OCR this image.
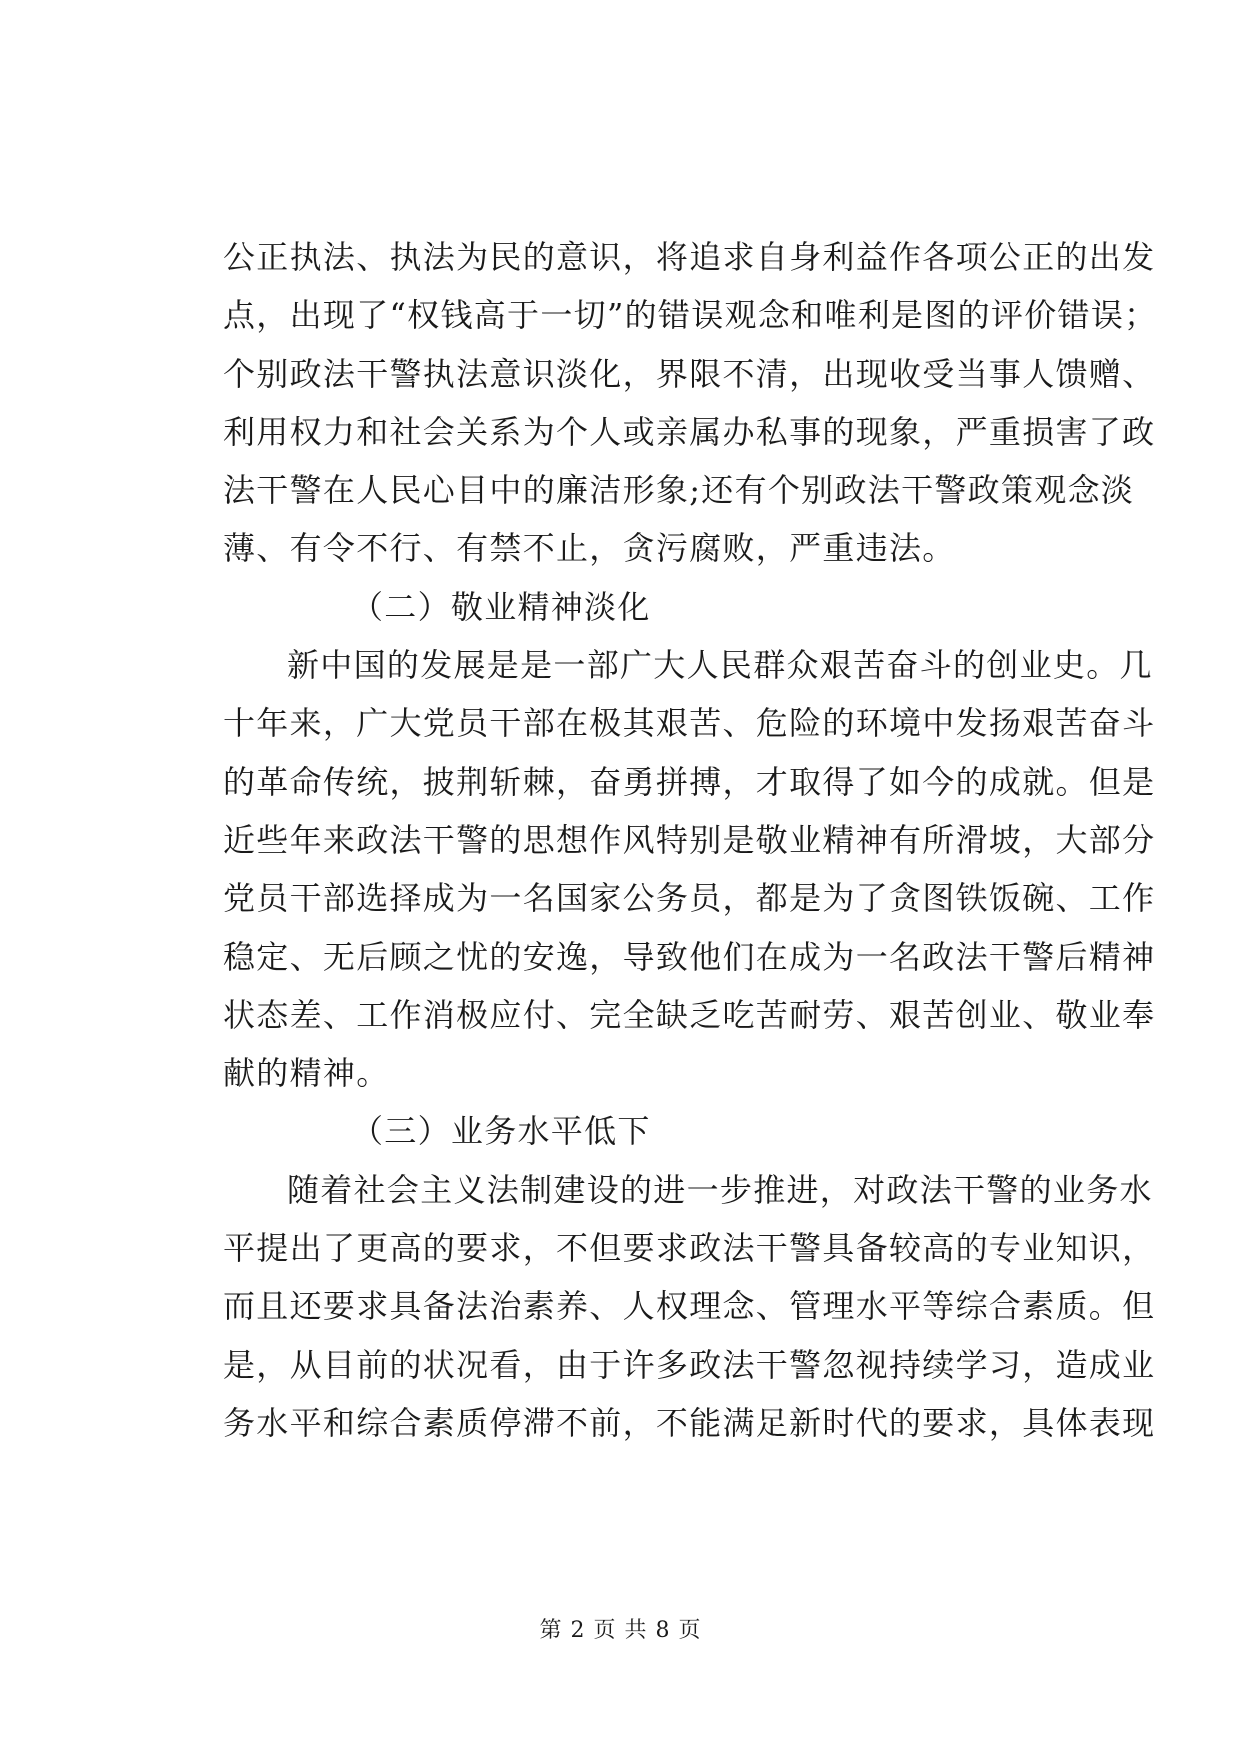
公正执法、执法为民的意识，将追求自身利益作各项公正的出发
点，出现了“权钱高于一切”的错误观念和唯利是图的评价错误；
个别政法干警执法意识淡化，界限不清，出现收受当事人馈赠、
利用权力和社会关系为个人或亲属办私事的现象，严重损害了政
法干警在人民心目中的廉洁形象;还有个别政法干警政策观念淡
薄、有令不行、有禁不止，贪污腐败，严重违法。
（二）敬业精神淡化
新中国的发展是是一部广大人民群众艰苦奋斗的创业史。几
十年来，广大党员干部在极其艰苦、危险的环境中发扬艰苦奋斗
的革命传统，披荆斩棘，奋勇拼搏，才取得了如今的成就。但是
近些年来政法干警的思想作风特别是敬业精神有所滑坡，大部分
党员干部选择成为一名国家公务员，都是为了贪图铁饭碗、工作
稳定、无后顾之忧的安逸，导致他们在成为一名政法干警后精神
状态差、工作消极应付、完全缺乏吃苦耐劳、艰苦创业、敬业奉
献的精神。
（三）业务水平低下
随着社会主义法制建设的进一步推进，对政法干警的业务水
平提出了更高的要求，不但要求政法干警具备较高的专业知识，
而且还要求具备法治素养、人权理念、管理水平等综合素质。但
是，从目前的状况看，由于许多政法干警忽视持续学习，造成业
务水平和综合素质停滞不前，不能满足新时代的要求，具体表现
第 2 页 共 8 页
